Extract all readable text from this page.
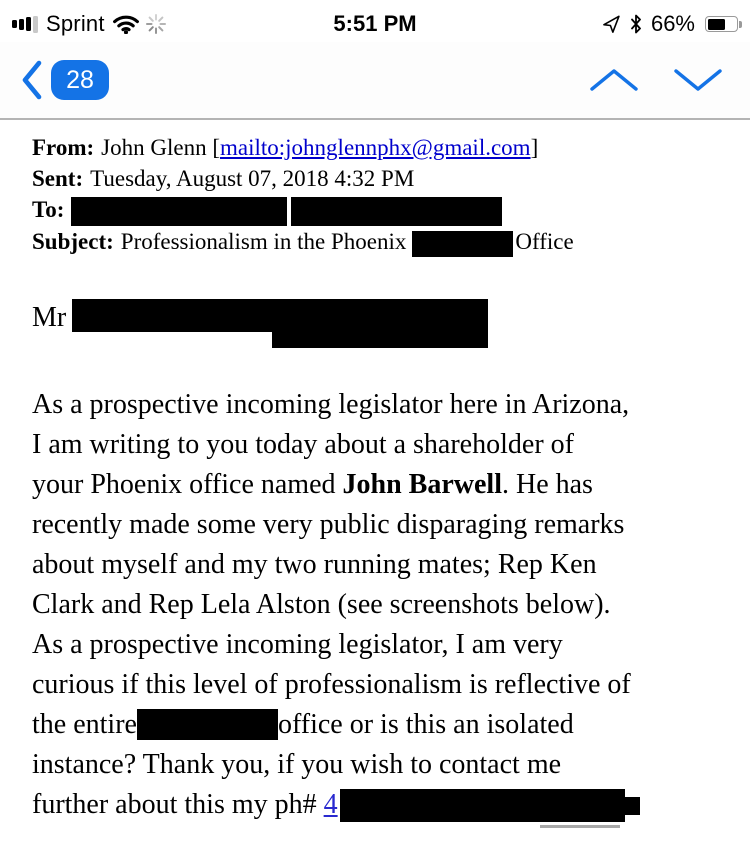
Sprint	5:51 PM	66%
28
From: John Glenn [mailto:johnglennphx@gmail.com]
Sent: Tuesday, August 07, 2018 4:32 PM
To:
Subject: Professionalism in the Phoenix	Office
Mr
As a prospective incoming legislator here in Arizona,
I am writing to you today about a shareholder of
your Phoenix office named John Barwell. He has
recently made some very public disparaging remarks
about myself and my two running mates; Rep Ken
Clark and Rep Lela Alston (see screenshots below).
As a prospective incoming legislator, I am very
curious if this level of professionalism is reflective of
the entire	office or is this an isolated
instance? Thank you, if you wish to contact me
further about this my ph# 4
